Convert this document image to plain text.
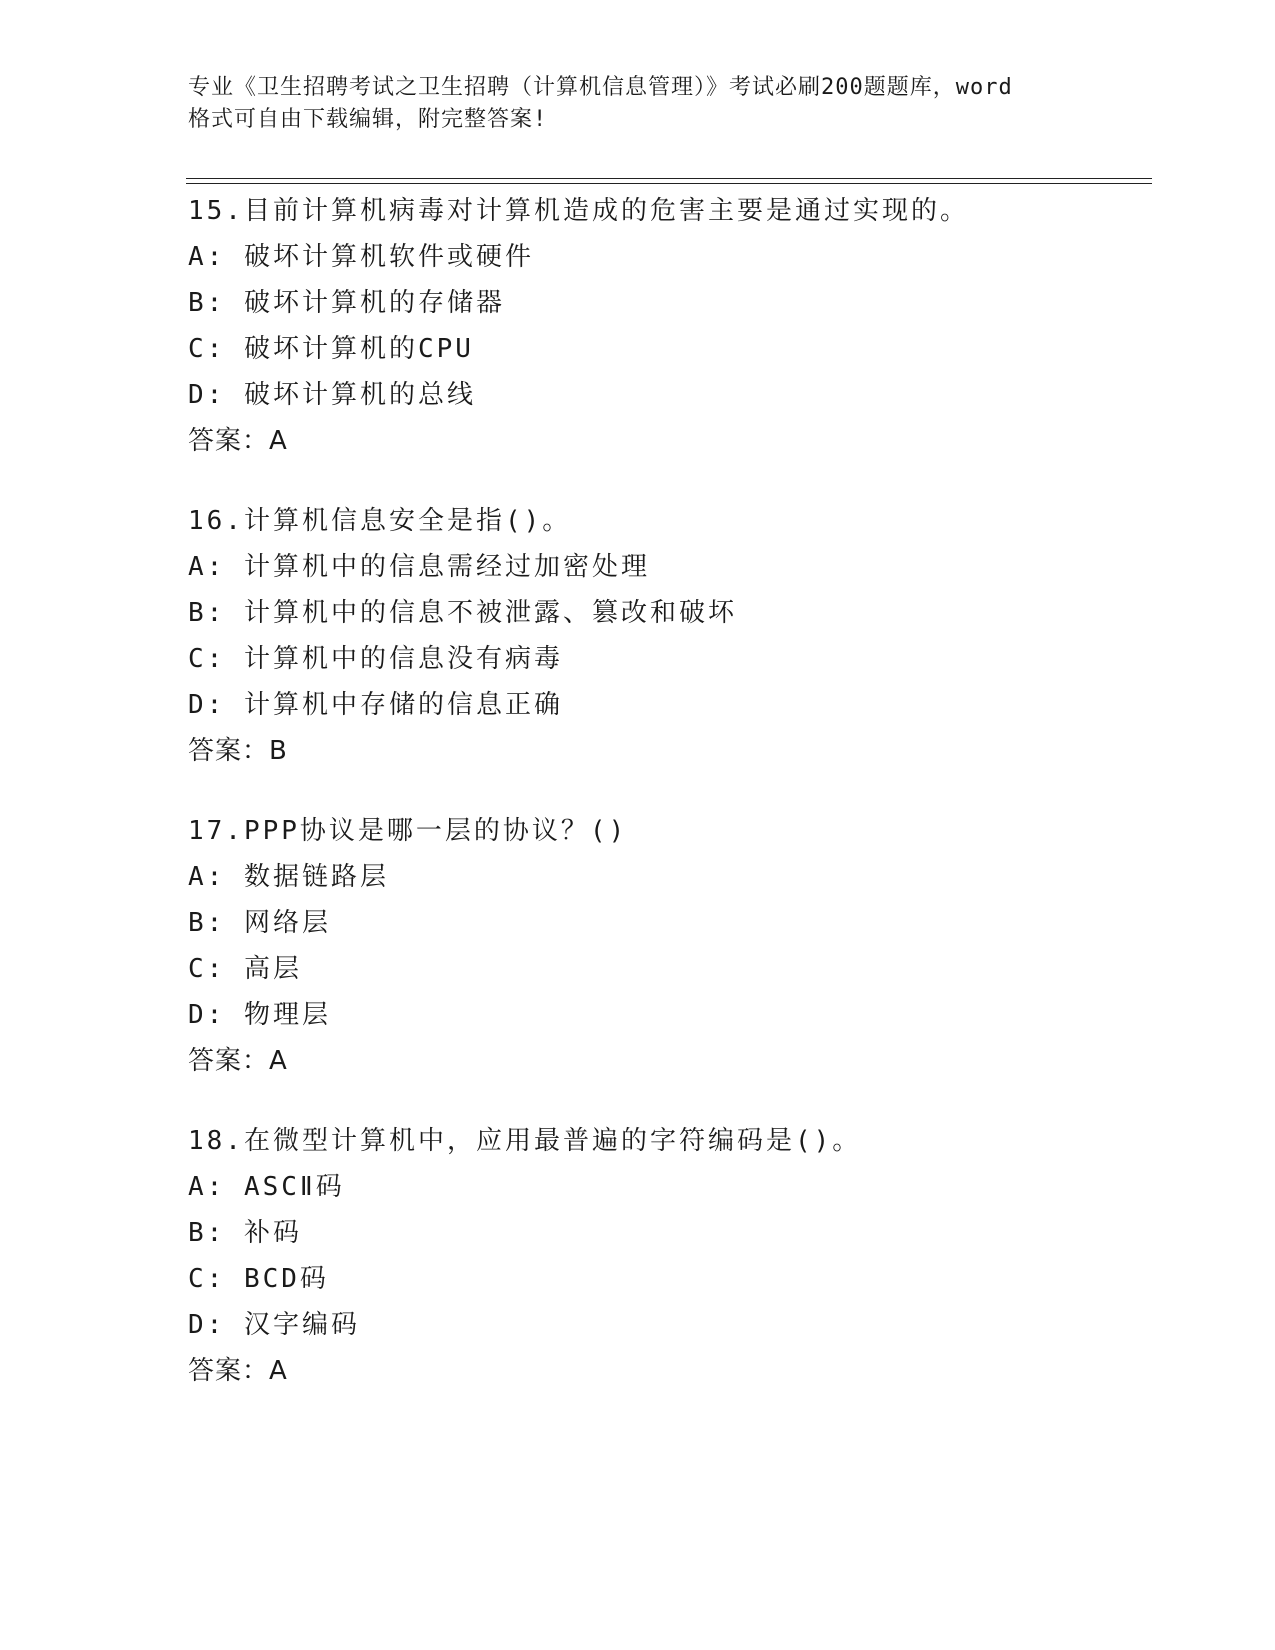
专业《卫生招聘考试之卫生招聘（计算机信息管理）》考试必刷200题题库，word

格式可自由下载编辑，附完整答案!

15.目前计算机病毒对计算机造成的危害主要是通过实现的。
A: 破坏计算机软件或硬件
B: 破坏计算机的存储器
C: 破坏计算机的CPU
D: 破坏计算机的总线
答案：A
16.计算机信息安全是指()。
A: 计算机中的信息需经过加密处理
B: 计算机中的信息不被泄露、篡改和破坏
C: 计算机中的信息没有病毒
D: 计算机中存储的信息正确
答案：B
17.PPP协议是哪一层的协议？()
A: 数据链路层
B: 网络层
C: 高层
D: 物理层
答案：A
18.在微型计算机中，应用最普遍的字符编码是()。
A: ASCⅡ码
B: 补码
C: BCD码
D: 汉字编码
答案：A
